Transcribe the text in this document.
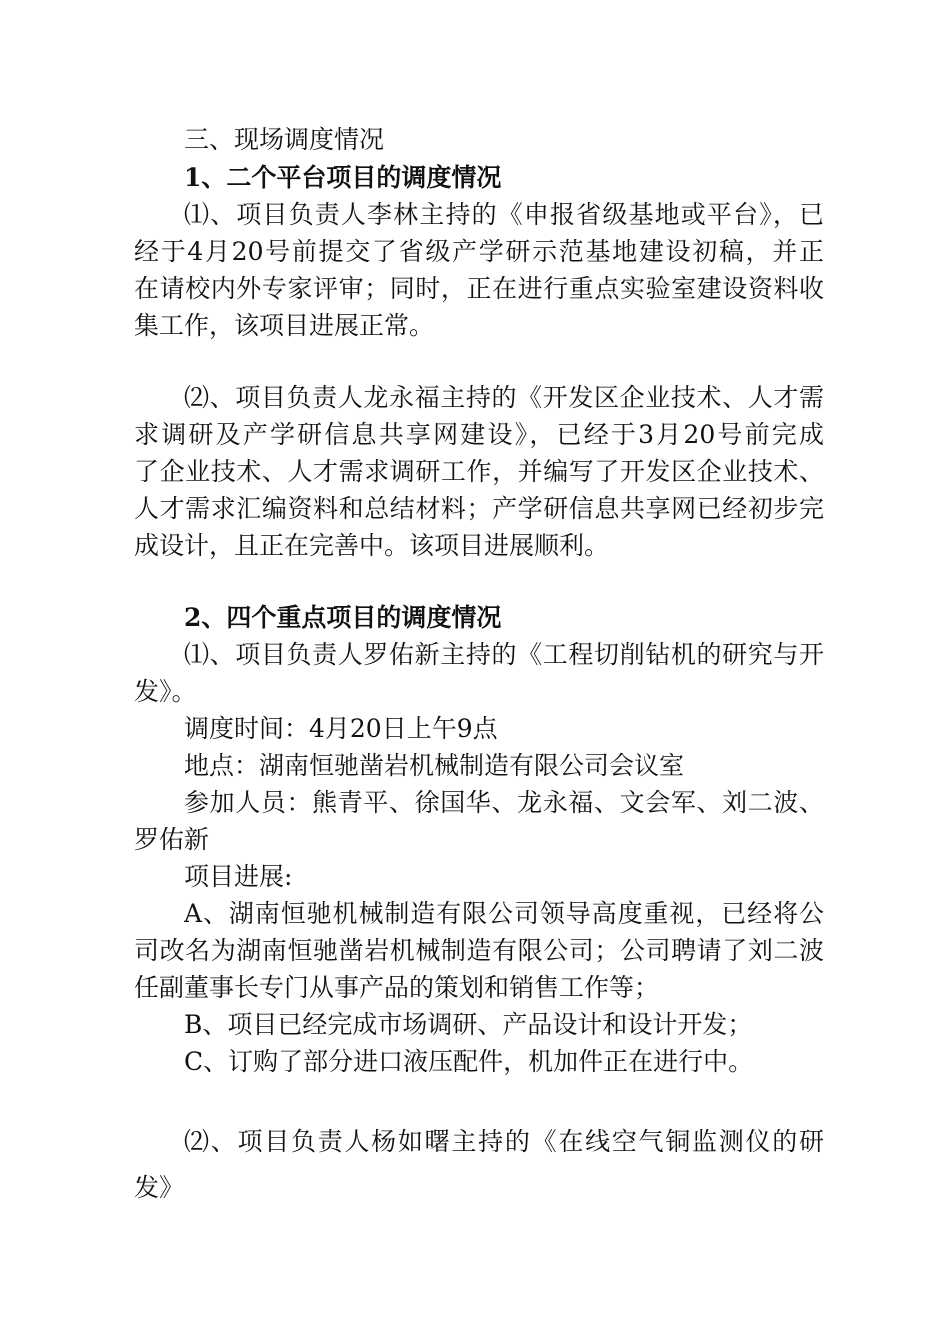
三、现场调度情况
1、二个平台项目的调度情况
⑴、项目负责人李林主持的《申报省级基地或平台》，已
经于4月20号前提交了省级产学研示范基地建设初稿，并正
在请校内外专家评审；同时，正在进行重点实验室建设资料收
集工作，该项目进展正常。
⑵、项目负责人龙永福主持的《开发区企业技术、人才需
求调研及产学研信息共享网建设》，已经于3月20号前完成
了企业技术、人才需求调研工作，并编写了开发区企业技术、
人才需求汇编资料和总结材料；产学研信息共享网已经初步完
成设计，且正在完善中。该项目进展顺利。
2、四个重点项目的调度情况
⑴、项目负责人罗佑新主持的《工程切削钻机的研究与开
发》。
调度时间：4月20日上午9点
地点：湖南恒驰凿岩机械制造有限公司会议室
参加人员：熊青平、徐国华、龙永福、文会军、刘二波、
罗佑新
项目进展:
A、湖南恒驰机械制造有限公司领导高度重视，已经将公
司改名为湖南恒驰凿岩机械制造有限公司；公司聘请了刘二波
任副董事长专门从事产品的策划和销售工作等；
B、项目已经完成市场调研、产品设计和设计开发；
C、订购了部分进口液压配件，机加件正在进行中。
⑵、项目负责人杨如曙主持的《在线空气铜监测仪的研
发》
